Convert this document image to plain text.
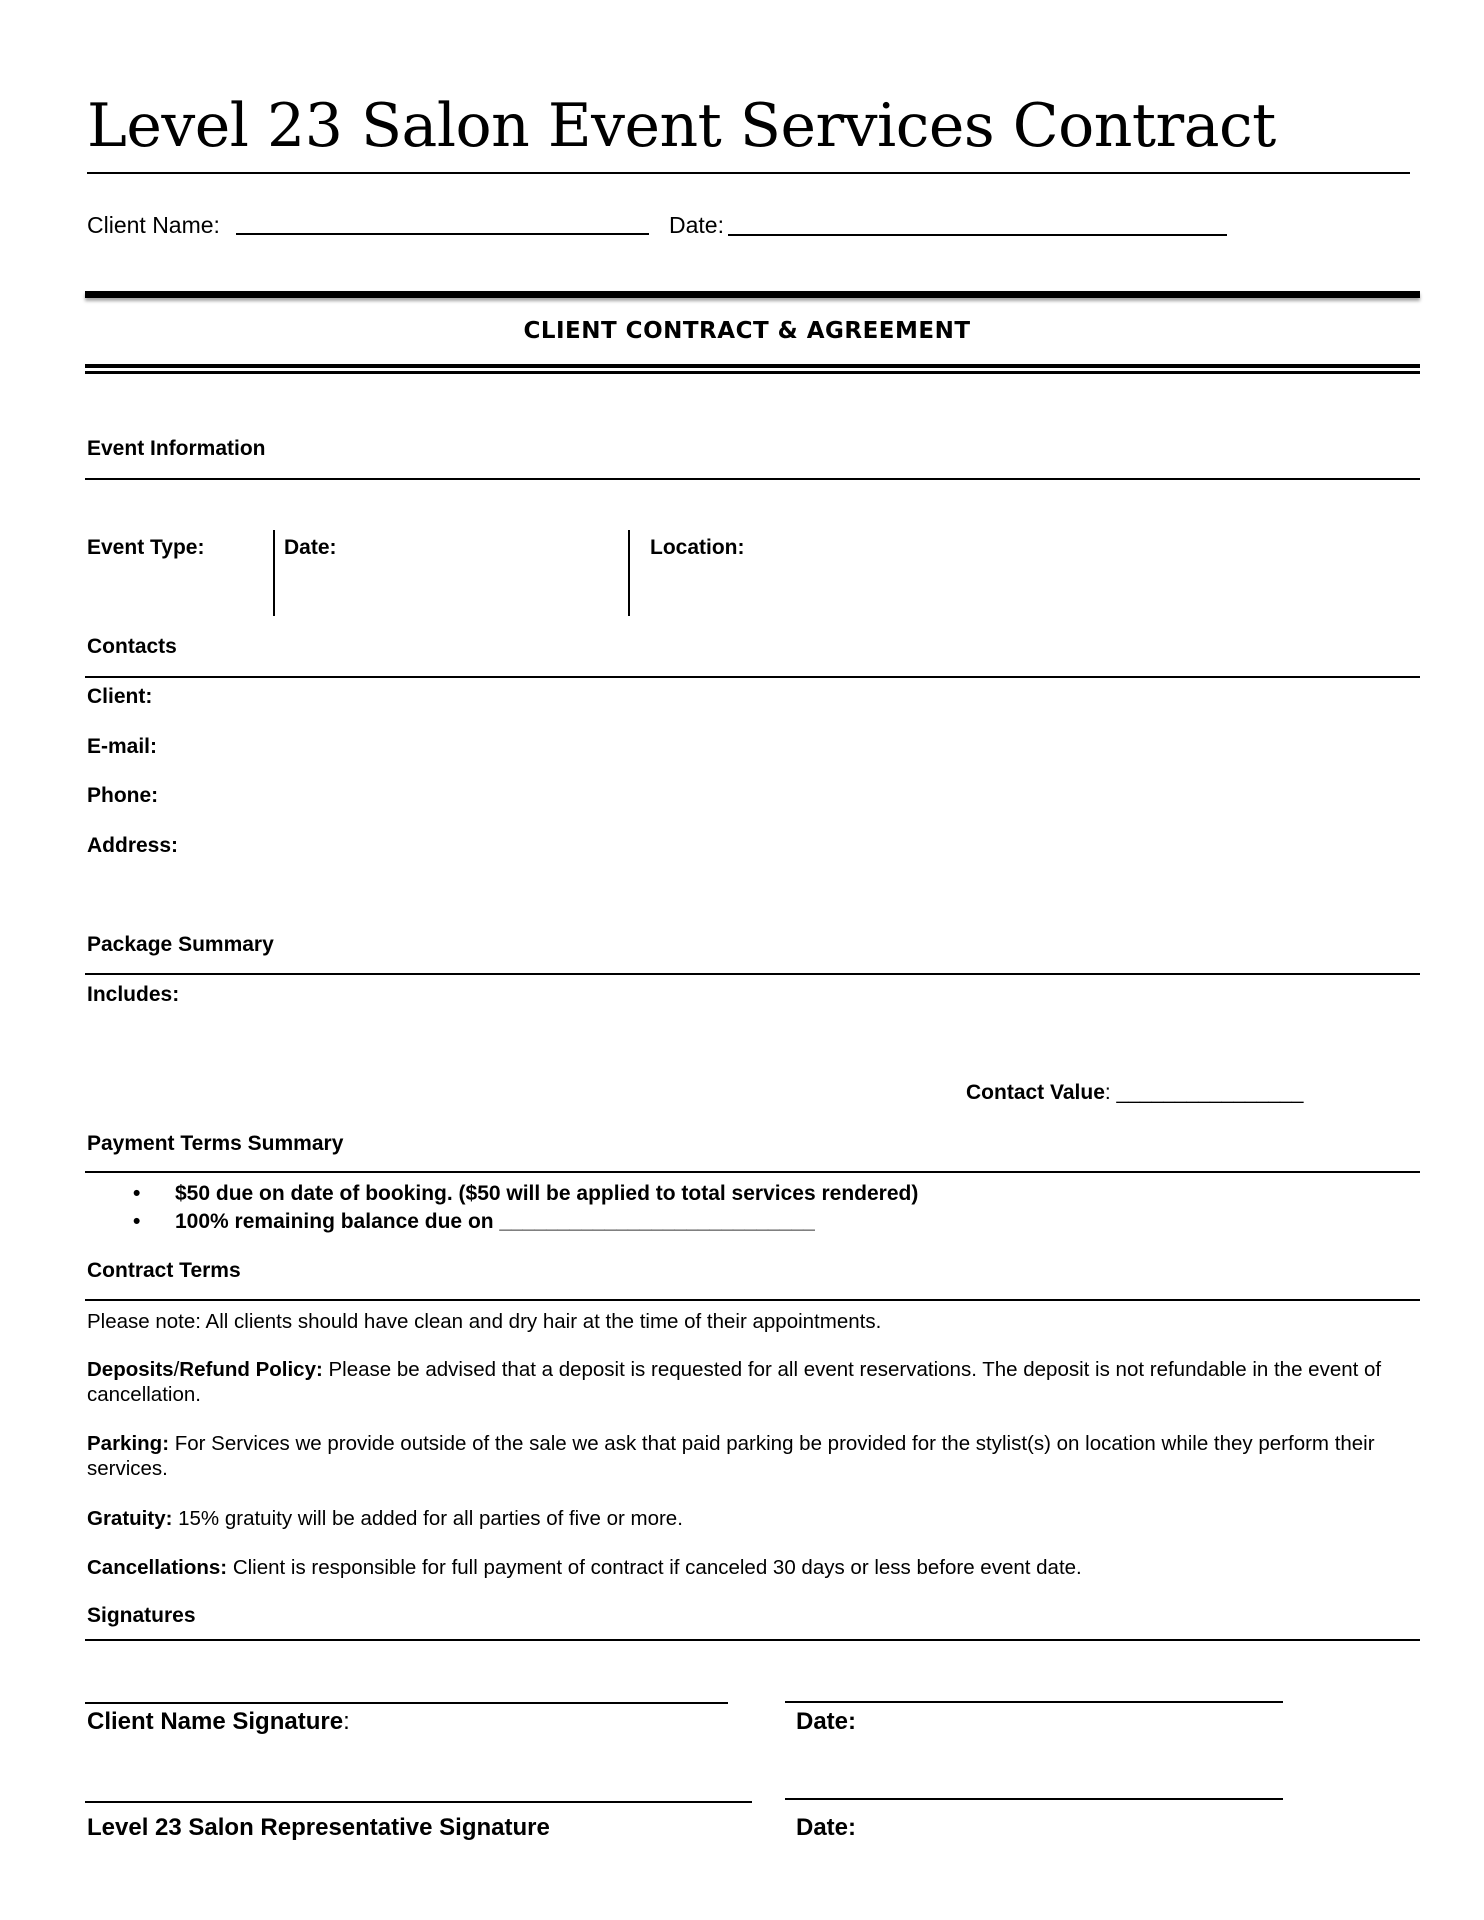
Level 23 Salon Event Services Contract
Client Name:	Date:
CLIENT CONTRACT & AGREEMENT
Event Information
Event Type:	Date:	Location:
Contacts
Client:
E-mail:
Phone:
Address:
Package Summary
Includes:
Contact Value: ________________
Payment Terms Summary
• $50 due on date of booking. ($50 will be applied to total services rendered)
• 100% remaining balance due on ___________________________
Contract Terms
Please note: All clients should have clean and dry hair at the time of their appointments.
Deposits/Refund Policy: Please be advised that a deposit is requested for all event reservations. The deposit is not refundable in the event of cancellation.
Parking: For Services we provide outside of the sale we ask that paid parking be provided for the stylist(s) on location while they perform their services.
Gratuity: 15% gratuity will be added for all parties of five or more.
Cancellations: Client is responsible for full payment of contract if canceled 30 days or less before event date.
Signatures
Client Name Signature:	Date:
Level 23 Salon Representative Signature	Date:
